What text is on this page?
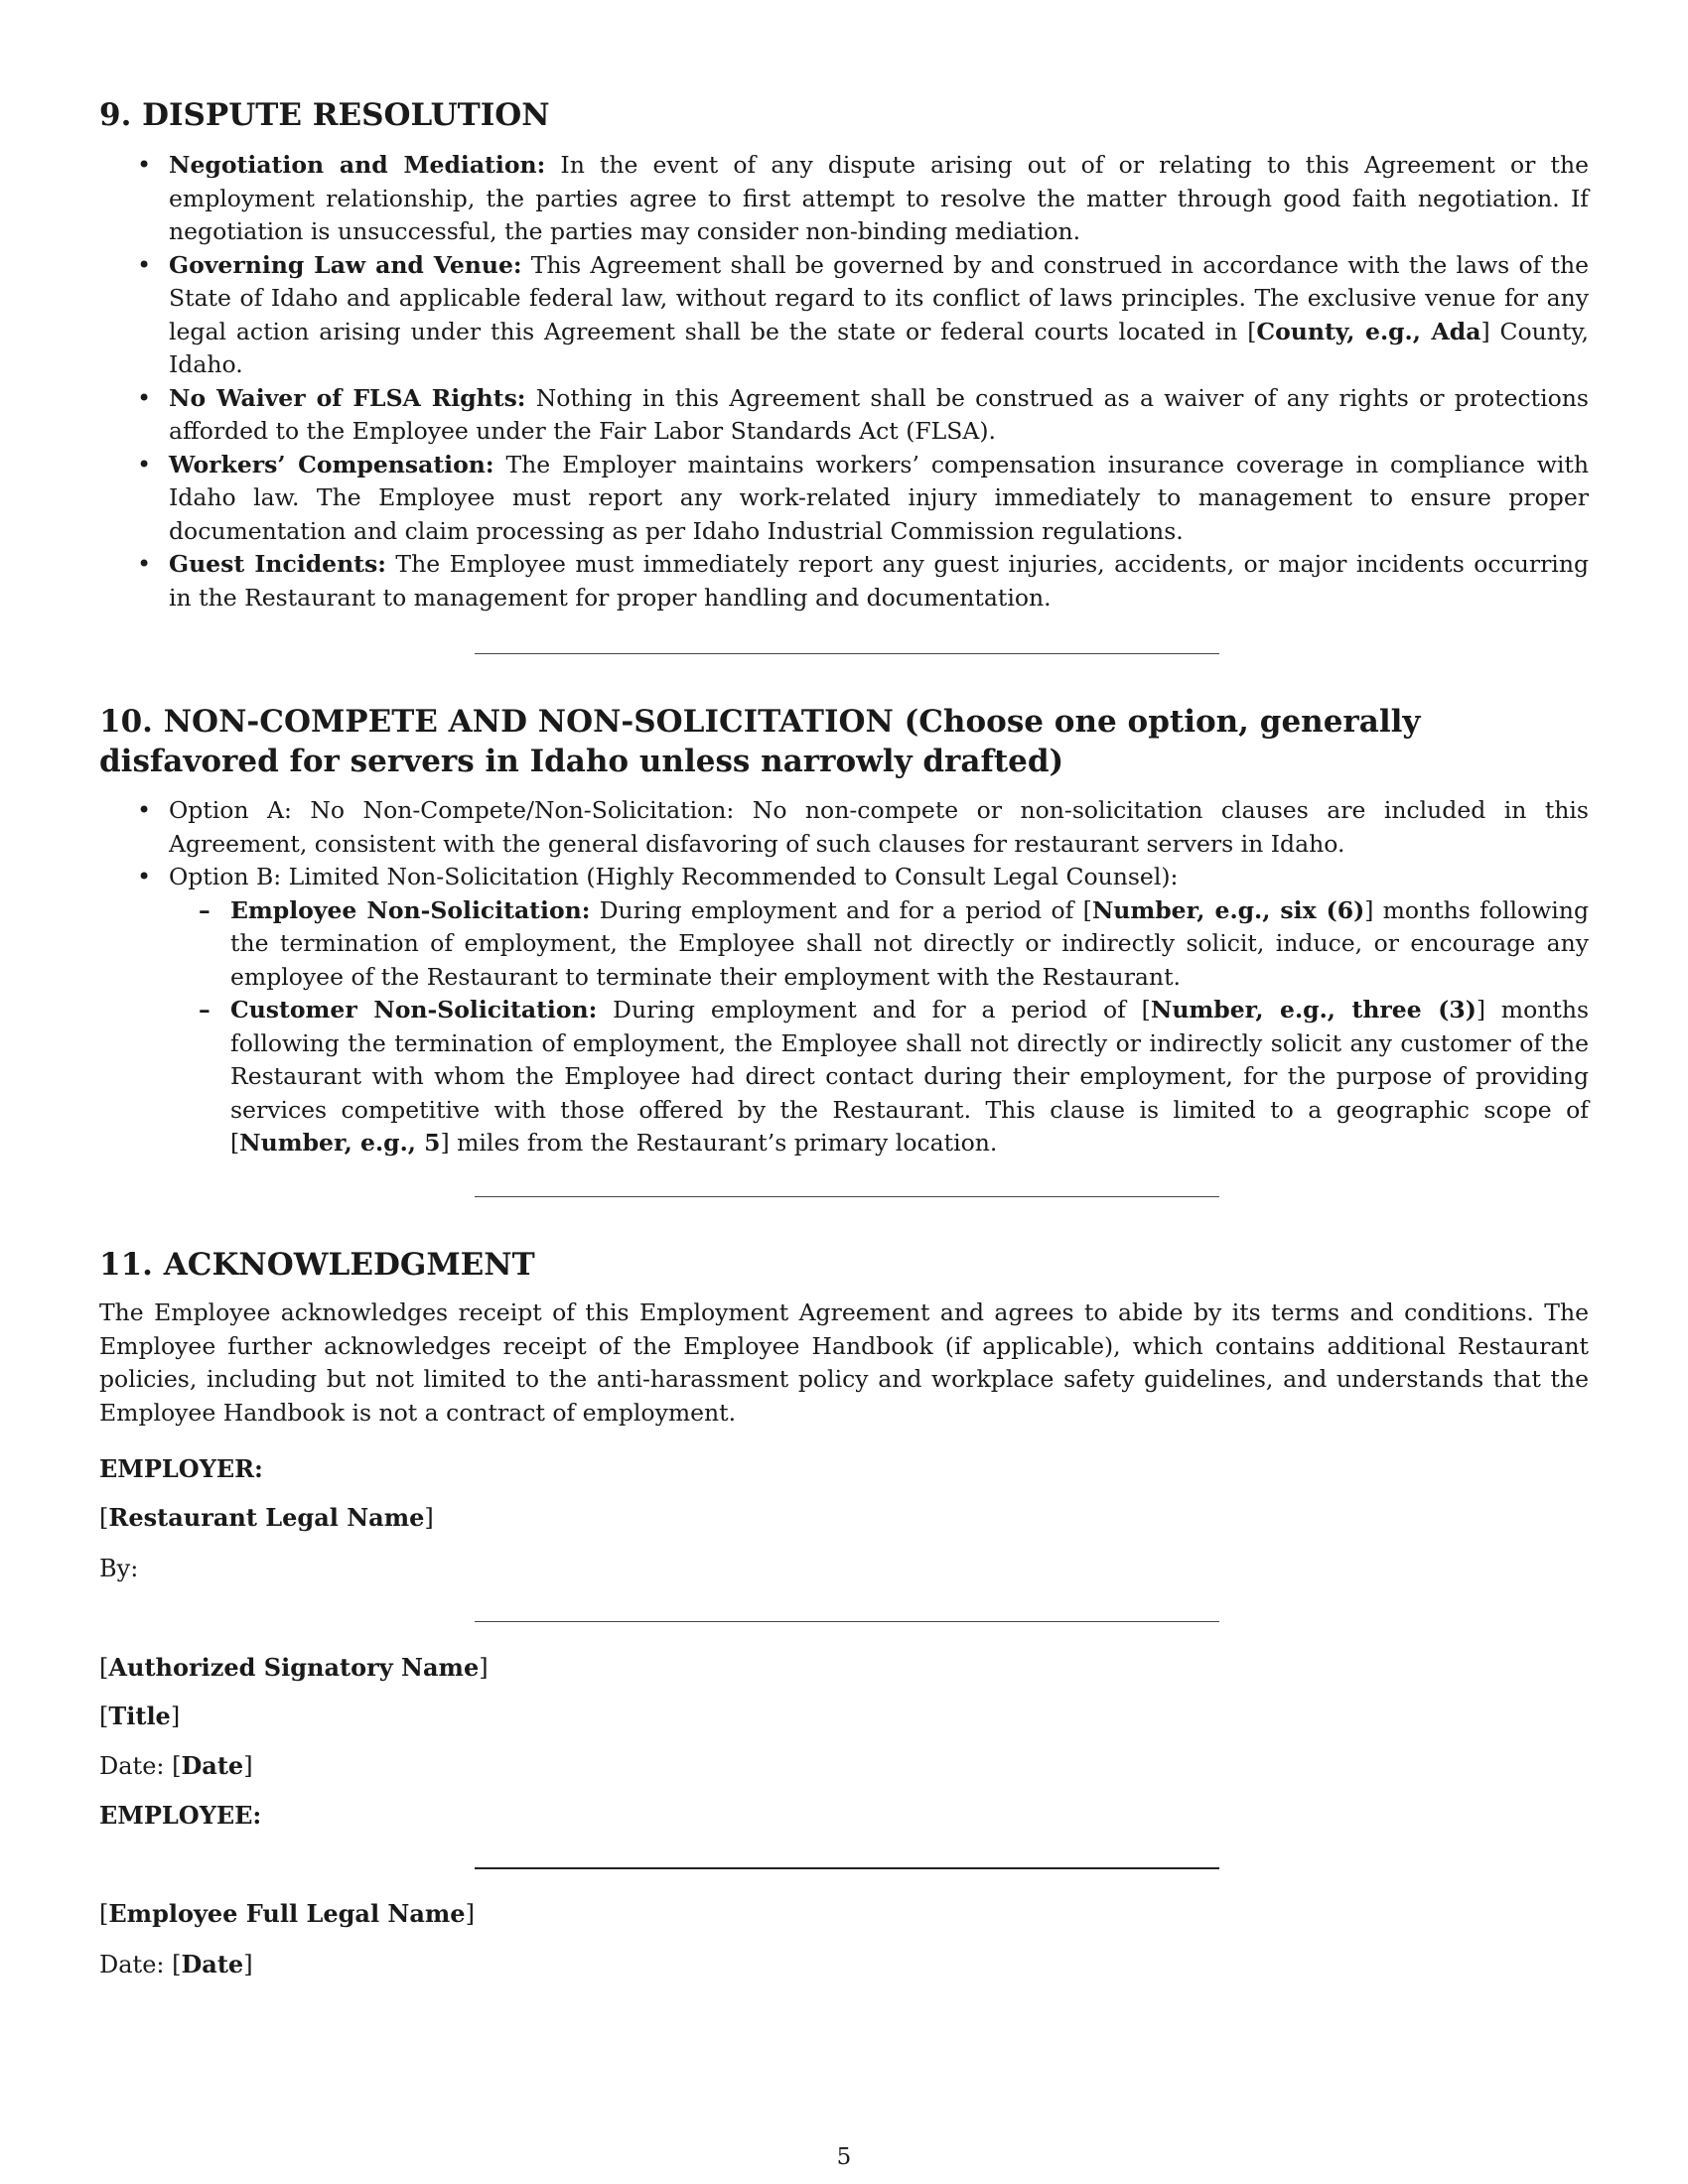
9. DISPUTE RESOLUTION
• Negotiation and Mediation: In the event of any dispute arising out of or relating to this Agreement or the employment relationship, the parties agree to first attempt to resolve the matter through good faith negotiation. If negotiation is unsuccessful, the parties may consider non-binding mediation.
• Governing Law and Venue: This Agreement shall be governed by and construed in accordance with the laws of the State of Idaho and applicable federal law, without regard to its conflict of laws principles. The exclusive venue for any legal action arising under this Agreement shall be the state or federal courts located in [County, e.g., Ada] County, Idaho.
• No Waiver of FLSA Rights: Nothing in this Agreement shall be construed as a waiver of any rights or protections afforded to the Employee under the Fair Labor Standards Act (FLSA).
• Workers’ Compensation: The Employer maintains workers’ compensation insurance coverage in compliance with Idaho law. The Employee must report any work-related injury immediately to management to ensure proper documentation and claim processing as per Idaho Industrial Commission regulations.
• Guest Incidents: The Employee must immediately report any guest injuries, accidents, or major incidents occurring in the Restaurant to management for proper handling and documentation.
10. NON-COMPETE AND NON-SOLICITATION (Choose one option, generally disfavored for servers in Idaho unless narrowly drafted)
• Option A: No Non-Compete/Non-Solicitation: No non-compete or non-solicitation clauses are included in this Agreement, consistent with the general disfavoring of such clauses for restaurant servers in Idaho.
• Option B: Limited Non-Solicitation (Highly Recommended to Consult Legal Counsel):
– Employee Non-Solicitation: During employment and for a period of [Number, e.g., six (6)] months following the termination of employment, the Employee shall not directly or indirectly solicit, induce, or encourage any employee of the Restaurant to terminate their employment with the Restaurant.
– Customer Non-Solicitation: During employment and for a period of [Number, e.g., three (3)] months following the termination of employment, the Employee shall not directly or indirectly solicit any customer of the Restaurant with whom the Employee had direct contact during their employment, for the purpose of providing services competitive with those offered by the Restaurant. This clause is limited to a geographic scope of [Number, e.g., 5] miles from the Restaurant’s primary location.
11. ACKNOWLEDGMENT

The Employee acknowledges receipt of this Employment Agreement and agrees to abide by its terms and conditions. The Employee further acknowledges receipt of the Employee Handbook (if applicable), which contains additional Restaurant policies, including but not limited to the anti-harassment policy and workplace safety guidelines, and understands that the Employee Handbook is not a contract of employment.

EMPLOYER:
[Restaurant Legal Name]
By:
[Authorized Signatory Name]
[Title]
Date: [Date]
EMPLOYEE:
[Employee Full Legal Name]
Date: [Date]
5
